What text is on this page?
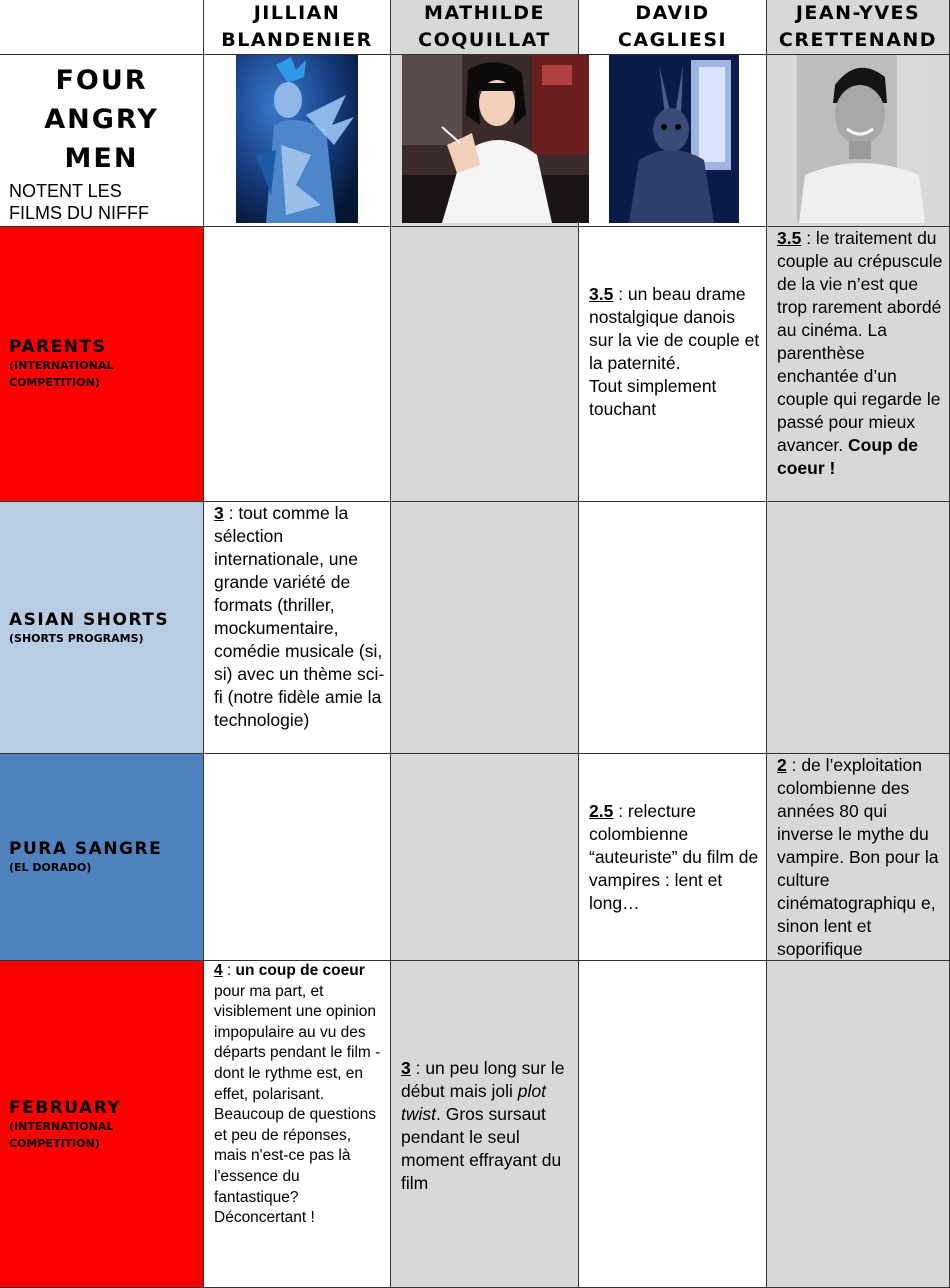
JILLIAN
BLANDENIER
MATHILDE
COQUILLAT
DAVID
CAGLIESI
JEAN-YVES
CRETTENAND
FOUR
ANGRY
MEN
NOTENT LES
FILMS DU NIFFF
PARENTS
(INTERNATIONAL
COMPETITION)
3.5 : un beau drame nostalgique danois sur la vie de couple et la paternité.
Tout simplement touchant
3.5 : le traitement du couple au crépuscule de la vie n’est que trop rarement abordé au cinéma. La parenthèse enchantée d’un couple qui regarde le passé pour mieux avancer. Coup de coeur !
ASIAN SHORTS
(SHORTS PROGRAMS)
3 : tout comme la sélection internationale, une grande variété de formats (thriller, mockumentaire, comédie musicale (si, si) avec un thème sci-fi (notre fidèle amie la technologie)
PURA SANGRE
(EL DORADO)
2.5 : relecture colombienne “auteuriste” du film de vampires : lent et long…
2 : de l’exploitation colombienne des années 80 qui inverse le mythe du vampire. Bon pour la culture cinématographiqu e, sinon lent et soporifique
FEBRUARY
(INTERNATIONAL
COMPETITION)
4 : un coup de coeur pour ma part, et visiblement une opinion impopulaire au vu des départs pendant le film - dont le rythme est, en effet, polarisant. Beaucoup de questions et peu de réponses, mais n'est-ce pas là l'essence du fantastique? Déconcertant !
3 : un peu long sur le début mais joli plot twist. Gros sursaut pendant le seul moment effrayant du film
